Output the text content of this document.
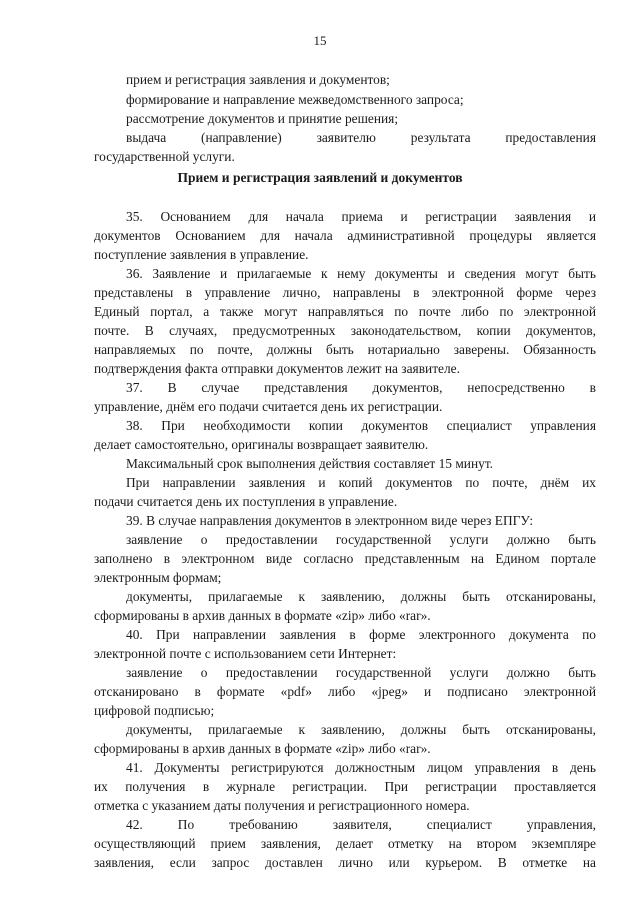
15
прием и регистрация заявления и документов;
формирование и направление межведомственного запроса;
рассмотрение документов и принятие решения;
выдача (направление) заявителю результата предоставления
государственной услуги.
Прием и регистрация заявлений и документов
35. Основанием для начала приема и регистрации заявления и
документов Основанием для начала административной процедуры является
поступление заявления в управление.
36. Заявление и прилагаемые к нему документы и сведения могут быть
представлены в управление лично, направлены в электронной форме через
Единый портал, а также могут направляться по почте либо по электронной
почте. В случаях, предусмотренных законодательством, копии документов,
направляемых по почте, должны быть нотариально заверены. Обязанность
подтверждения факта отправки документов лежит на заявителе.
37. В случае представления документов, непосредственно в
управление, днём его подачи считается день их регистрации.
38. При необходимости копии документов специалист управления
делает самостоятельно, оригиналы возвращает заявителю.
Максимальный срок выполнения действия составляет 15 минут.
При направлении заявления и копий документов по почте, днём их
подачи считается день их поступления в управление.
39. В случае направления документов в электронном виде через ЕПГУ:
заявление о предоставлении государственной услуги должно быть
заполнено в электронном виде согласно представленным на Едином портале
электронным формам;
документы, прилагаемые к заявлению, должны быть отсканированы,
сформированы в архив данных в формате «zip» либо «rar».
40. При направлении заявления в форме электронного документа по
электронной почте с использованием сети Интернет:
заявление о предоставлении государственной услуги должно быть
отсканировано в формате «pdf» либо «jpeg» и подписано электронной
цифровой подписью;
документы, прилагаемые к заявлению, должны быть отсканированы,
сформированы в архив данных в формате «zip» либо «rar».
41. Документы регистрируются должностным лицом управления в день
их получения в журнале регистрации. При регистрации проставляется
отметка с указанием даты получения и регистрационного номера.
42. По требованию заявителя, специалист управления,
осуществляющий прием заявления, делает отметку на втором экземпляре
заявления, если запрос доставлен лично или курьером. В отметке на
